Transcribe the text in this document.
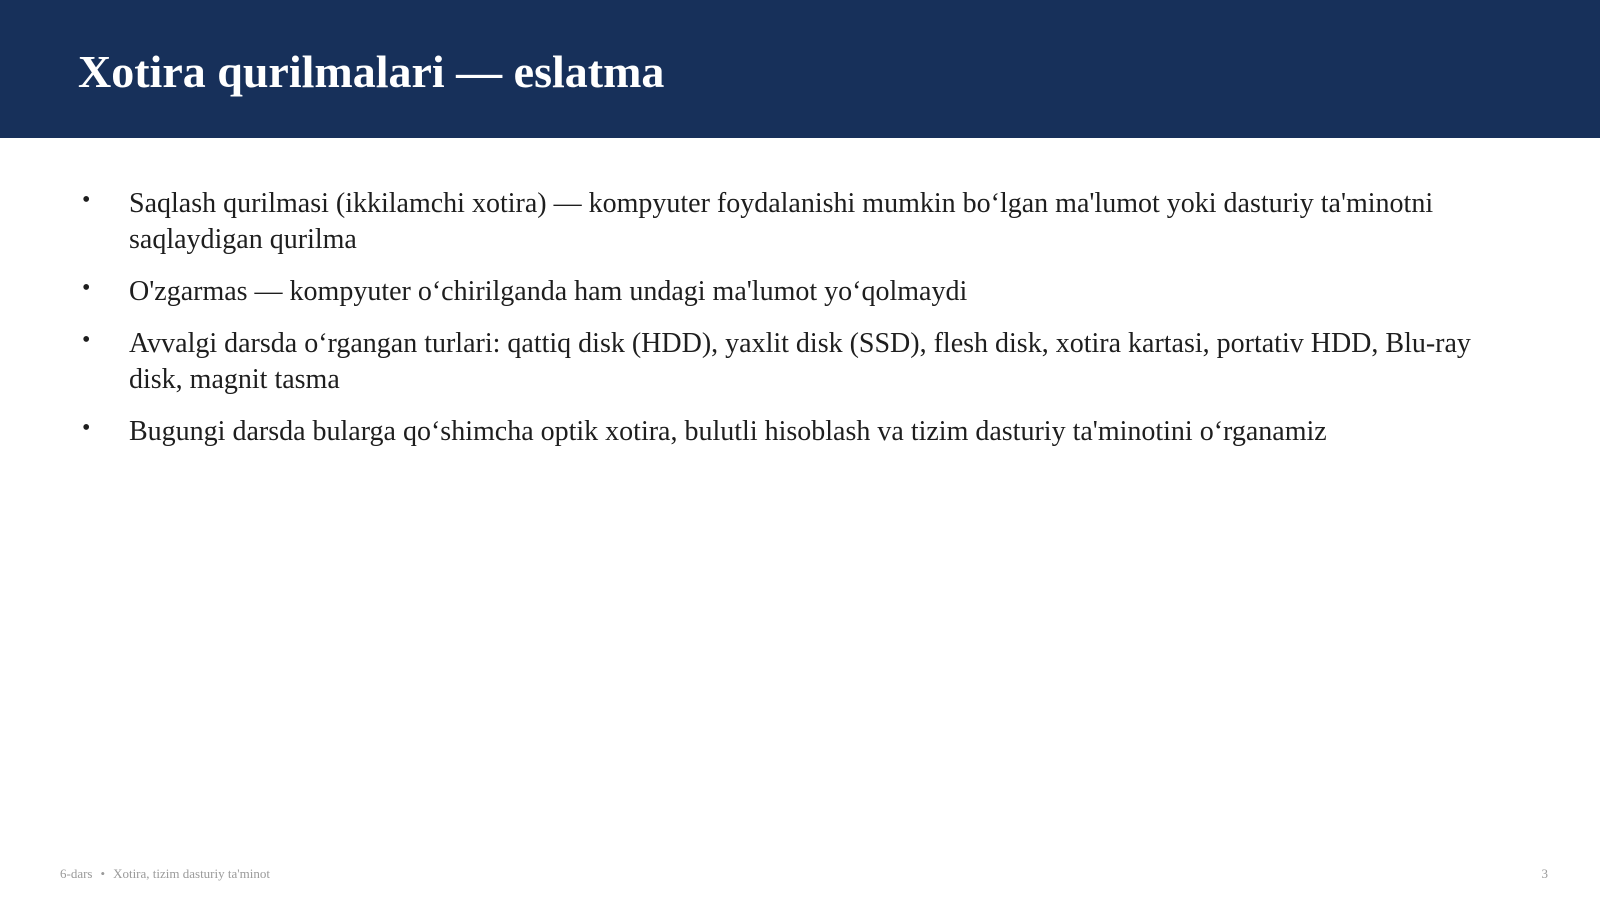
Xotira qurilmalari — eslatma
• Saqlash qurilmasi (ikkilamchi xotira) — kompyuter foydalanishi mumkin bo‘lgan ma'lumot yoki dasturiy ta'minotni saqlaydigan qurilma
• O'zgarmas — kompyuter o‘chirilganda ham undagi ma'lumot yo‘qolmaydi
• Avvalgi darsda o‘rgangan turlari: qattiq disk (HDD), yaxlit disk (SSD), flesh disk, xotira kartasi, portativ HDD, Blu-ray disk, magnit tasma
• Bugungi darsda bularga qo‘shimcha optik xotira, bulutli hisoblash va tizim dasturiy ta'minotini o‘rganamiz
6-dars • Xotira, tizim dasturiy ta'minot	3
